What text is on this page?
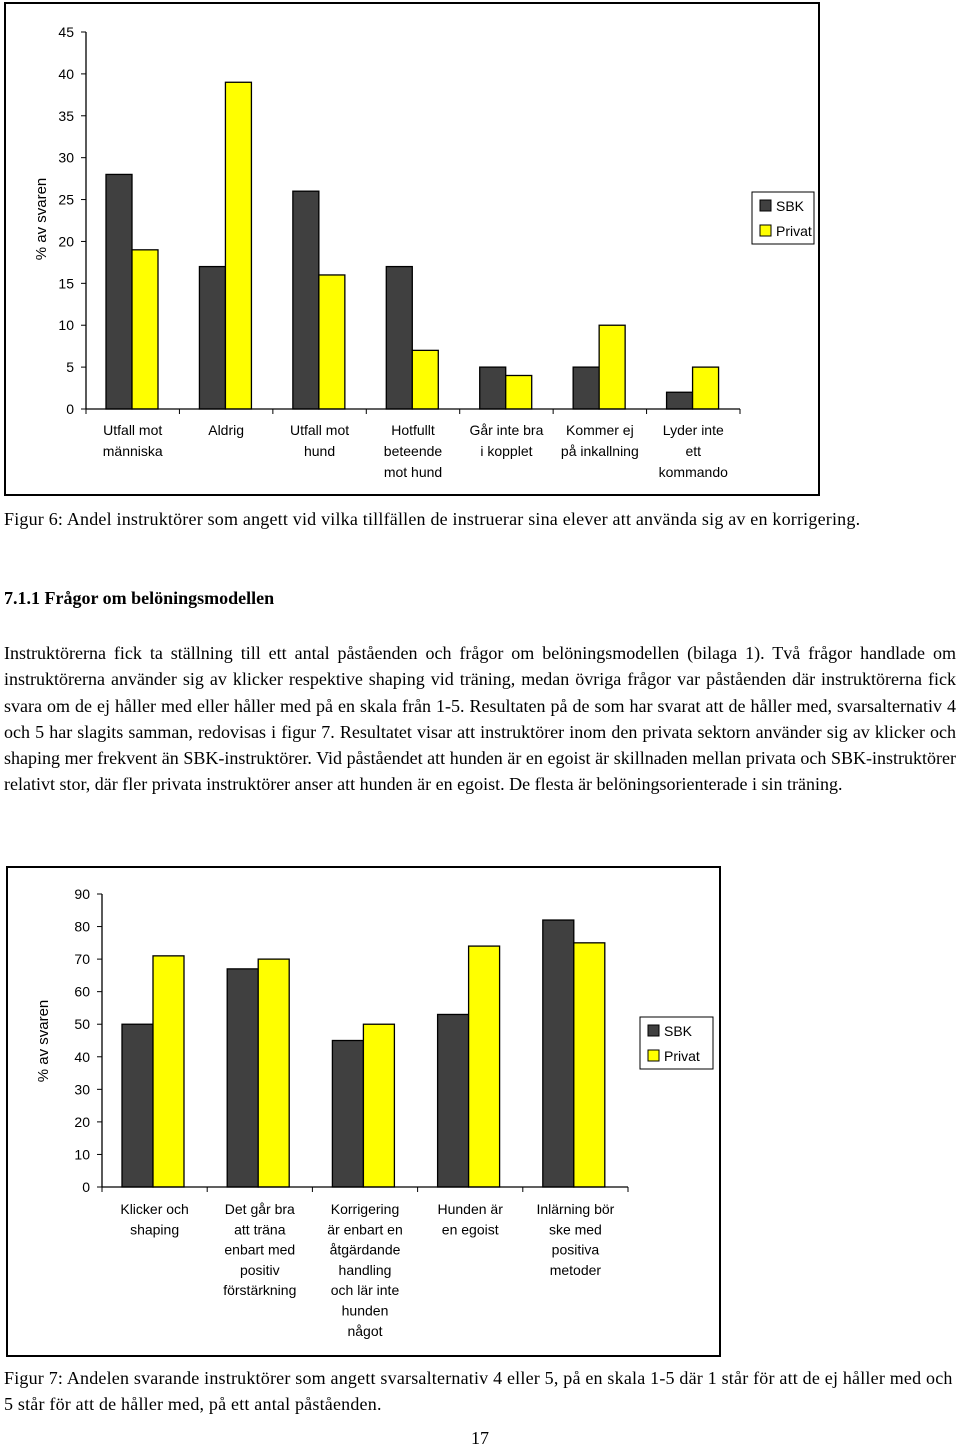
0
5
10
15
20
25
30
35
40
45
Utfall mot
människa
Aldrig	Utfall mot
hund
Hotfullt
beteende
mot hund
Går inte bra
i kopplet
Kommer ej
på inkallning
Lyder inte
ett
kommando
% av svaren	SBK
Privat
Figur 6: Andel instruktörer som angett vid vilka tillfällen de instruerar sina elever att använda sig av en korrigering.
7.1.1 Frågor om belöningsmodellen
Instruktörerna fick ta ställning till ett antal påståenden och frågor om belöningsmodellen (bilaga 1). Två frågor handlade om instruktörerna använder sig av klicker respektive shaping vid träning, medan övriga frågor var påståenden där instruktörerna fick svara om de ej håller med eller håller med på en skala från 1-5. Resultaten på de som har svarat att de håller med, svarsalternativ 4 och 5 har slagits samman, redovisas i figur 7. Resultatet visar att instruktörer inom den privata sektorn använder sig av klicker och shaping mer frekvent än SBK-instruktörer. Vid påståendet att hunden är en egoist är skillnaden mellan privata och SBK-instruktörer relativt stor, där fler privata instruktörer anser att hunden är en egoist. De flesta är belöningsorienterade i sin träning.
0
10
20
30
40
50
60
70
80
90
Klicker och
shaping
Det går bra
att träna
enbart med
positiv
förstärkning
Korrigering
är enbart en
åtgärdande
handling
och lär inte
hunden
något
Hunden är
en egoist
Inlärning bör
ske med
positiva
metoder
% av svaren	SBK
Privat
Figur 7: Andelen svarande instruktörer som angett svarsalternativ 4 eller 5, på en skala 1-5 där 1 står för att de ej håller med och 5 står för att de håller med, på ett antal påståenden.
17
